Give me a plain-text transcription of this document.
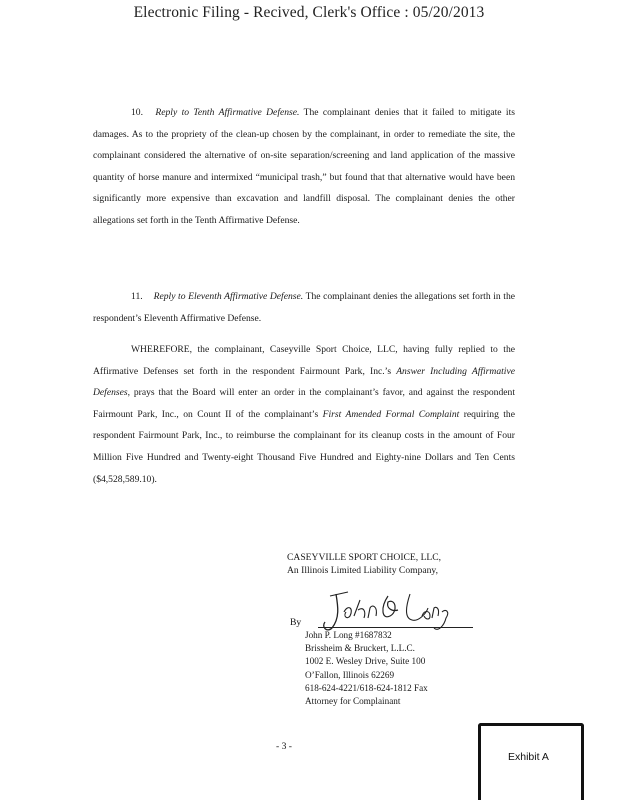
Electronic Filing - Recived, Clerk's Office : 05/20/2013

10. Reply to Tenth Affirmative Defense. The complainant denies that it failed to mitigate its damages. As to the propriety of the clean-up chosen by the complainant, in order to remediate the site, the complainant considered the alternative of on-site separation/screening and land application of the massive quantity of horse manure and intermixed “municipal trash,” but found that that alternative would have been significantly more expensive than excavation and landfill disposal. The complainant denies the other allegations set forth in the Tenth Affirmative Defense.

11. Reply to Eleventh Affirmative Defense. The complainant denies the allegations set forth in the respondent’s Eleventh Affirmative Defense.

WHEREFORE, the complainant, Caseyville Sport Choice, LLC, having fully replied to the Affirmative Defenses set forth in the respondent Fairmount Park, Inc.’s Answer Including Affirmative Defenses, prays that the Board will enter an order in the complainant’s favor, and against the respondent Fairmount Park, Inc., on Count II of the complainant’s First Amended Formal Complaint requiring the respondent Fairmount Park, Inc., to reimburse the complainant for its cleanup costs in the amount of Four Million Five Hundred and Twenty-eight Thousand Five Hundred and Eighty-nine Dollars and Ten Cents ($4,528,589.10).

CASEYVILLE SPORT CHOICE, LLC,
An Illinois Limited Liability Company,
By
John P. Long #1687832
Brissheim & Bruckert, L.L.C.
1002 E. Wesley Drive, Suite 100
O’Fallon, Illinois 62269
618-624-4221/618-624-1812 Fax
Attorney for Complainant
- 3 -
Exhibit A
